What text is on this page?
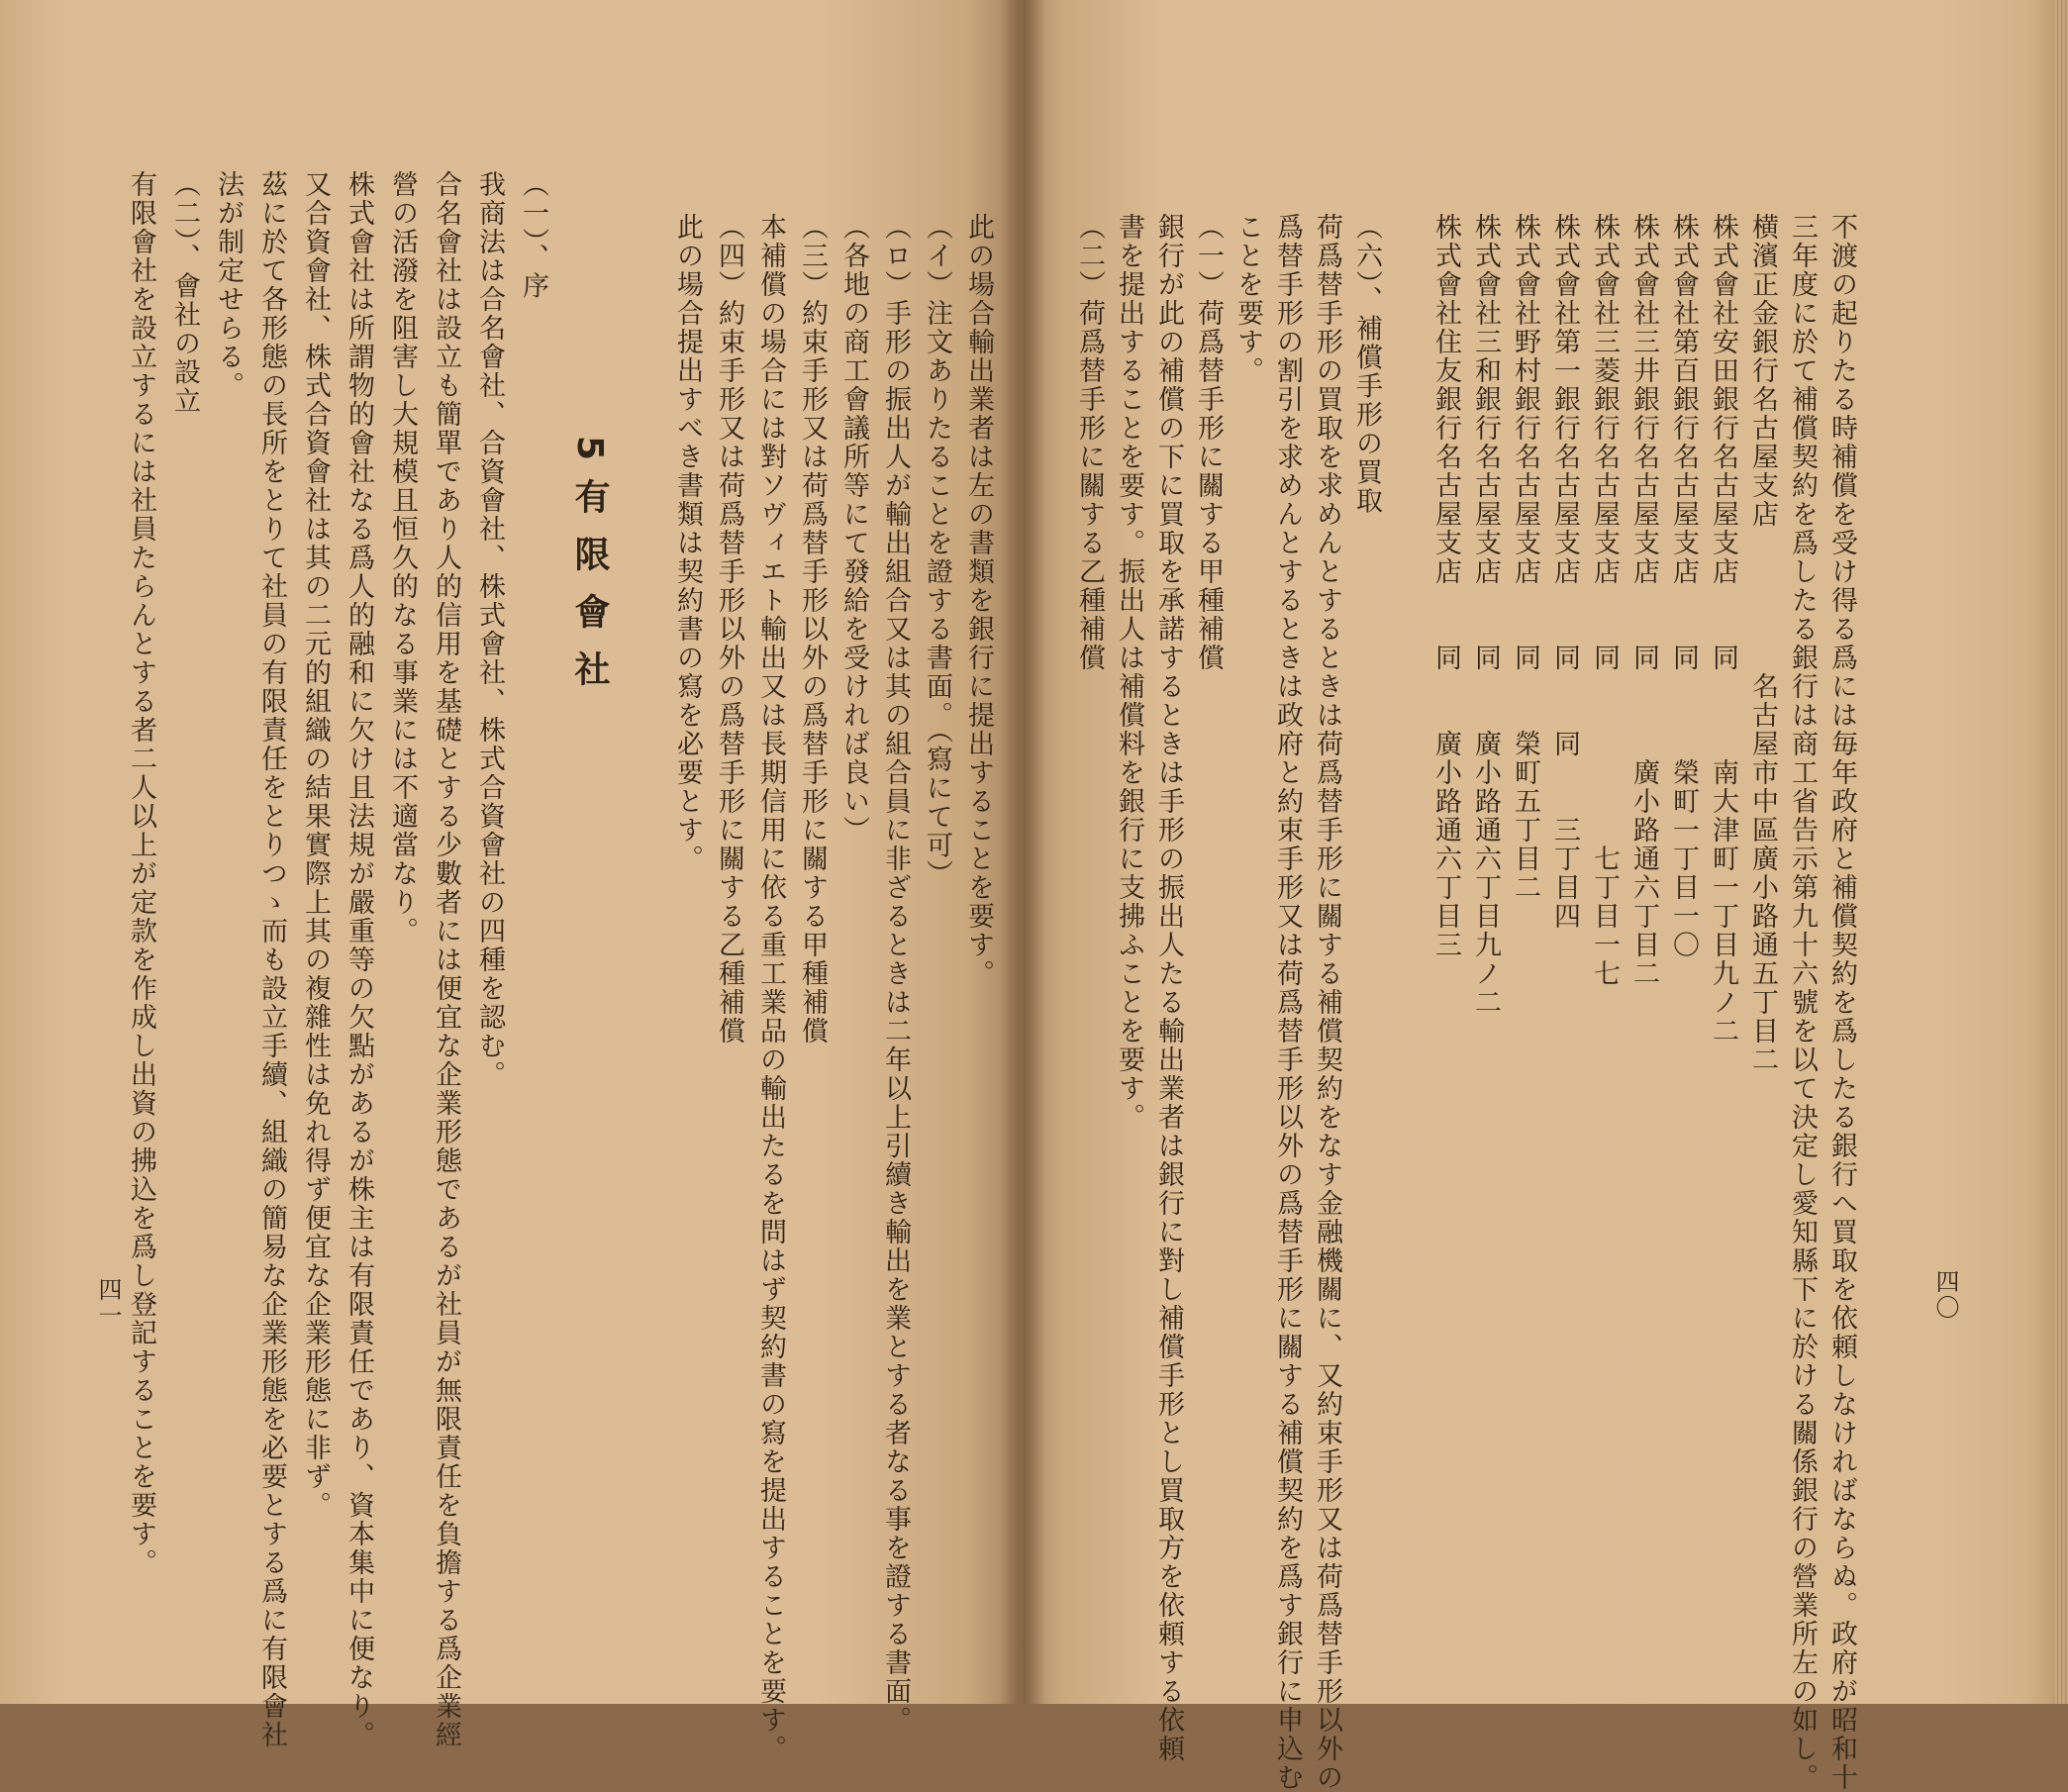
四〇
不渡の起りたる時補償を受け得る爲には毎年政府と補償契約を爲したる銀行へ買取を依頼しなければならぬ。政府が昭和十
三年度に於て補償契約を爲したる銀行は商工省告示第九十六號を以て決定し愛知縣下に於ける關係銀行の營業所左の如し。
横濱正金銀行名古屋支店　　　　　名古屋市中區廣小路通五丁目二
株式會社安田銀行名古屋支店　　同　　　南大津町一丁目九ノ二
株式會社第百銀行名古屋支店　　同　　　榮町一丁目一〇
株式會社三井銀行名古屋支店　　同　　　廣小路通六丁目二
株式會社三菱銀行名古屋支店　　同　　　　　　七丁目一七
株式會社第一銀行名古屋支店　　同　　同　　三丁目四
株式會社野村銀行名古屋支店　　同　　榮町五丁目二
株式會社三和銀行名古屋支店　　同　　廣小路通六丁目九ノ二
株式會社住友銀行名古屋支店　　同　　廣小路通六丁目三
（六）、補償手形の買取
荷爲替手形の買取を求めんとするときは荷爲替手形に關する補償契約をなす金融機關に、又約束手形又は荷爲替手形以外の
爲替手形の割引を求めんとするときは政府と約束手形又は荷爲替手形以外の爲替手形に關する補償契約を爲す銀行に申込む
ことを要す。
（一）荷爲替手形に關する甲種補償
銀行が此の補償の下に買取を承諾するときは手形の振出人たる輸出業者は銀行に對し補償手形とし買取方を依頼する依頼
書を提出することを要す。振出人は補償料を銀行に支拂ふことを要す。
（二）荷爲替手形に關する乙種補償
此の場合輸出業者は左の書類を銀行に提出することを要す。
（イ）注文ありたることを證する書面。（寫にて可）
（ロ）手形の振出人が輸出組合又は其の組合員に非ざるときは二年以上引續き輸出を業とする者なる事を證する書面。
（各地の商工會議所等にて發給を受ければ良い）
（三）約束手形又は荷爲替手形以外の爲替手形に關する甲種補償
本補償の場合には對ソヴィエト輸出又は長期信用に依る重工業品の輸出たるを問はず契約書の寫を提出することを要す。
（四）約束手形又は荷爲替手形以外の爲替手形に關する乙種補償
此の場合提出すべき書類は契約書の寫を必要とす。
5有限會社
（一）、序
我商法は合名會社、合資會社、株式會社、株式合資會社の四種を認む。
合名會社は設立も簡單であり人的信用を基礎とする少數者には便宜な企業形態であるが社員が無限責任を負擔する爲企業經
營の活潑を阻害し大規模且恒久的なる事業には不適當なり。
株式會社は所謂物的會社なる爲人的融和に欠け且法規が嚴重等の欠點があるが株主は有限責任であり、資本集中に便なり。
又合資會社、株式合資會社は其の二元的組織の結果實際上其の複雜性は免れ得ず便宜な企業形態に非ず。
茲に於て各形態の長所をとりて社員の有限責任をとりつゝ而も設立手續、組織の簡易な企業形態を必要とする爲に有限會社
法が制定せらる。
（二）、會社の設立
有限會社を設立するには社員たらんとする者二人以上が定款を作成し出資の拂込を爲し登記することを要す。
四一
